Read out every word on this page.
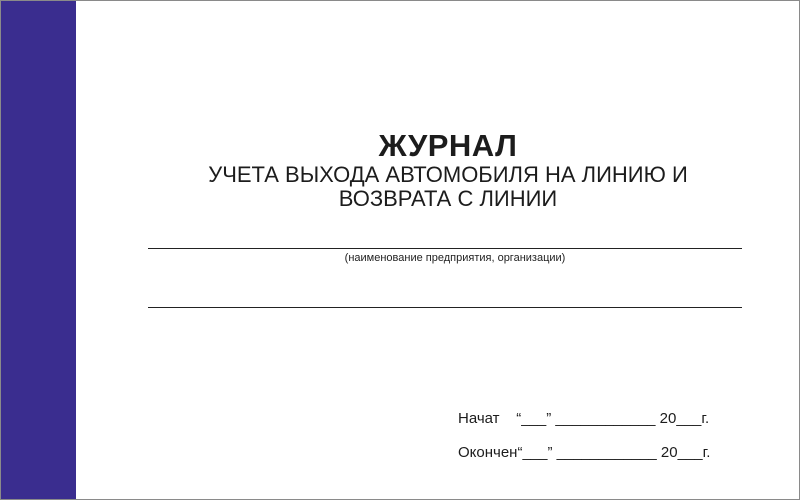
ЖУРНАЛ
УЧЕТА ВЫХОДА АВТОМОБИЛЯ НА ЛИНИЮ И
ВОЗВРАТА С ЛИНИИ
(наименование предприятия, организации)
Начат    “___” ____________ 20___г.
Окончен“___” ____________ 20___г.
